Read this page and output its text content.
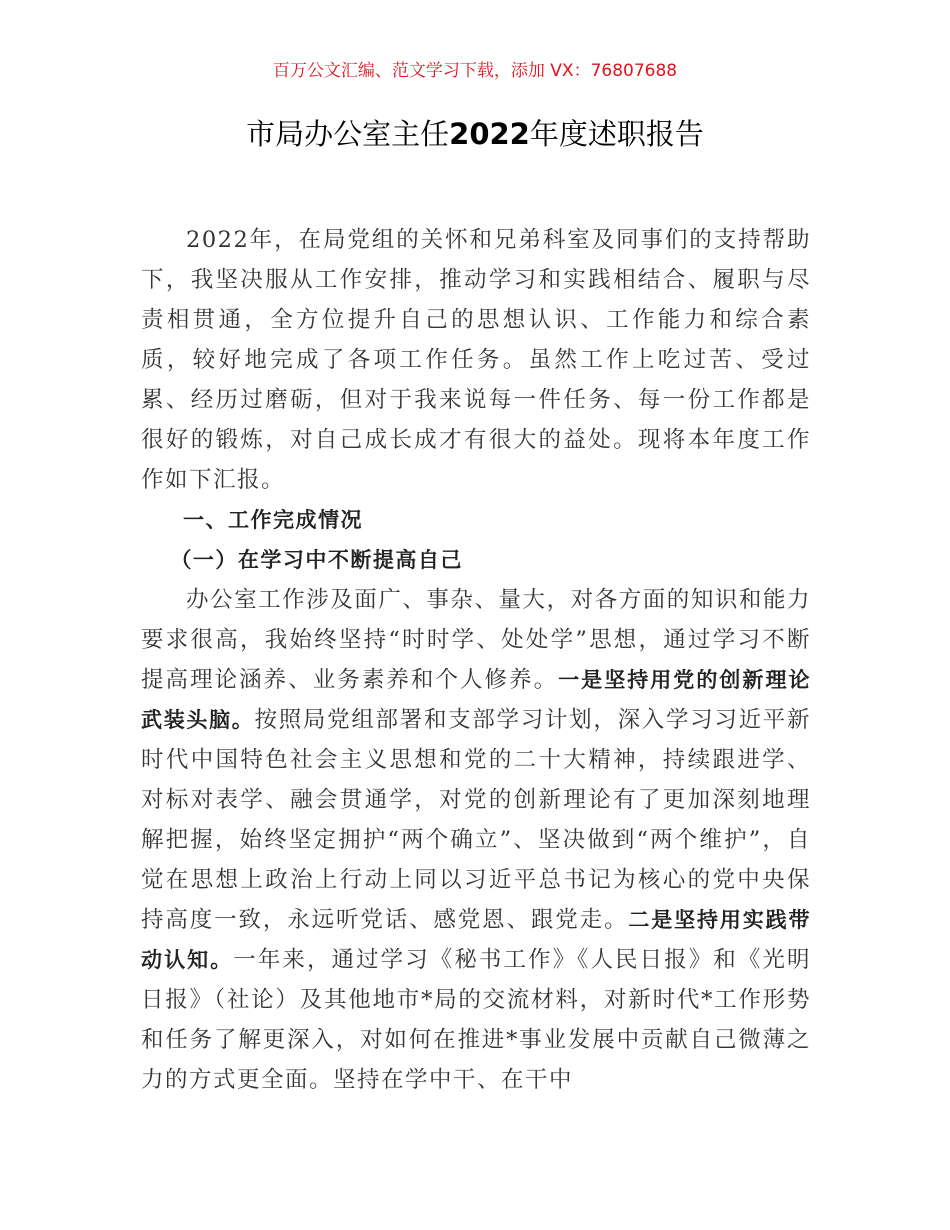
百万公文汇编、范文学习下载，添加 VX：76807688
市局办公室主任2022年度述职报告

2022年，在局党组的关怀和兄弟科室及同事们的支持帮助下，我坚决服从工作安排，推动学习和实践相结合、履职与尽责相贯通，全方位提升自己的思想认识、工作能力和综合素质，较好地完成了各项工作任务。虽然工作上吃过苦、受过累、经历过磨砺，但对于我来说每一件任务、每一份工作都是很好的锻炼，对自己成长成才有很大的益处。现将本年度工作作如下汇报。

一、工作完成情况

（一）在学习中不断提高自己

办公室工作涉及面广、事杂、量大，对各方面的知识和能力要求很高，我始终坚持“时时学、处处学”思想，通过学习不断提高理论涵养、业务素养和个人修养。一是坚持用党的创新理论武装头脑。按照局党组部署和支部学习计划，深入学习习近平新时代中国特色社会主义思想和党的二十大精神，持续跟进学、对标对表学、融会贯通学，对党的创新理论有了更加深刻地理解把握，始终坚定拥护“两个确立”、坚决做到“两个维护”，自觉在思想上政治上行动上同以习近平总书记为核心的党中央保持高度一致，永远听党话、感党恩、跟党走。二是坚持用实践带动认知。一年来，通过学习《秘书工作》《人民日报》和《光明日报》（社论）及其他地市*局的交流材料，对新时代*工作形势和任务了解更深入，对如何在推进*事业发展中贡献自己微薄之力的方式更全面。坚持在学中干、在干中
